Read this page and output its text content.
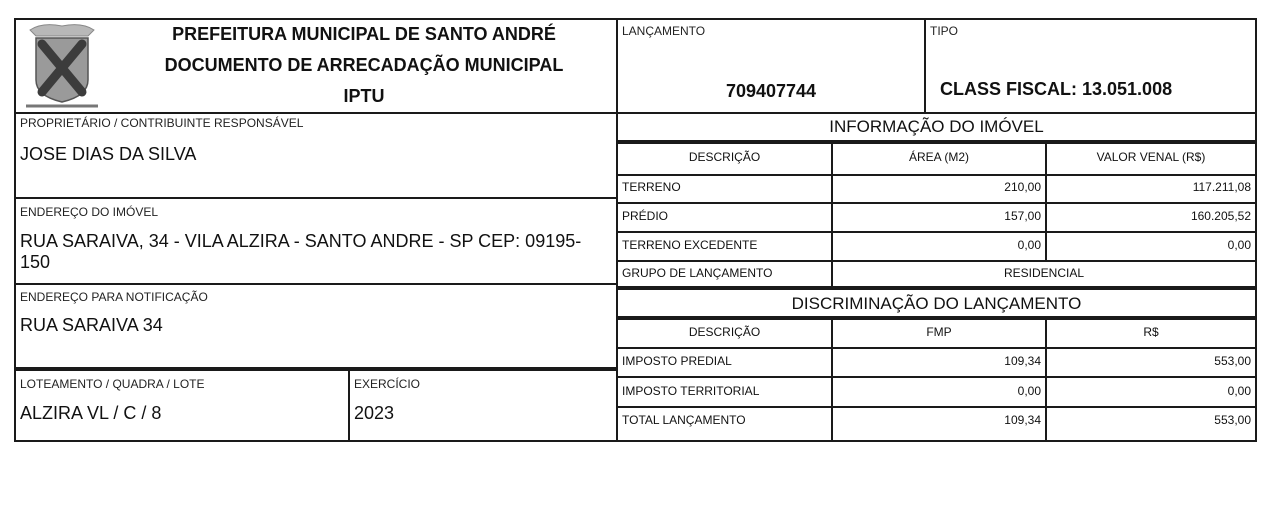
PREFEITURA MUNICIPAL DE SANTO ANDRÉ
DOCUMENTO DE ARRECADAÇÃO MUNICIPAL
IPTU
PROPRIETÁRIO / CONTRIBUINTE RESPONSÁVEL
JOSE DIAS DA SILVA
ENDEREÇO DO IMÓVEL
RUA SARAIVA, 34 - VILA ALZIRA - SANTO ANDRE - SP CEP: 09195-150
ENDEREÇO PARA NOTIFICAÇÃO
RUA SARAIVA 34
LOTEAMENTO / QUADRA / LOTE
ALZIRA VL / C / 8
EXERCÍCIO
2023
LANÇAMENTO
709407744
TIPO
CLASS FISCAL: 13.051.008
INFORMAÇÃO DO IMÓVEL
DESCRIÇÃO	ÁREA (M2)	VALOR VENAL (R$)
TERRENO	210,00	117.211,08
PRÉDIO	157,00	160.205,52
TERRENO EXCEDENTE	0,00	0,00
GRUPO DE LANÇAMENTO	RESIDENCIAL
DISCRIMINAÇÃO DO LANÇAMENTO
DESCRIÇÃO	FMP	R$
IMPOSTO PREDIAL	109,34	553,00
IMPOSTO TERRITORIAL	0,00	0,00
TOTAL LANÇAMENTO	109,34	553,00
